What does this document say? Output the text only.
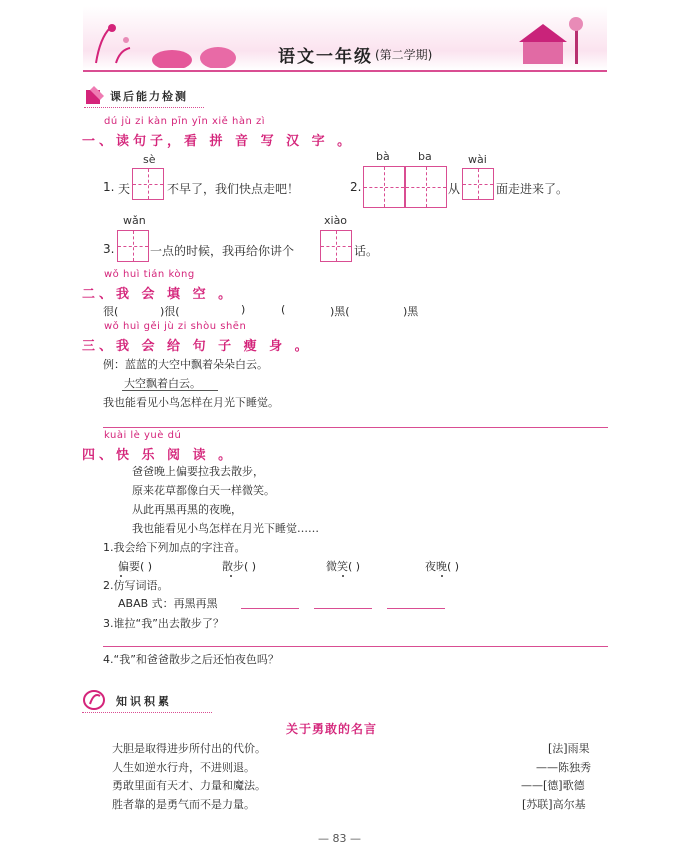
语文一年级 (第二学期)
课后能力检测
dú jù zi kàn pīn yīn xiě hàn zì
一、读句子，看 拼 音 写 汉 字 。
sè
1. 天	不早了，我们快点走吧！
bà	ba	wài
2.	从	面走进来了。
wǎn	xiào
3.	一点的时候，我再给你讲个	话。
wǒ huì tián kòng
二、我 会 填 空 。
很(	)很(	)	(	)黑(	)黑
wǒ huì gěi jù zi shòu shēn
三、我 会 给 句 子 瘦 身 。
例：蓝蓝的大空中飘着朵朵白云。
大空飘着白云。
我也能看见小鸟怎样在月光下睡觉。
kuài lè yuè dú
四、快 乐 阅 读 。
爸爸晚上偏要拉我去散步，
原来花草都像白天一样微笑。
从此再黑再黑的夜晚，
我也能看见小鸟怎样在月光下睡觉……
1.我会给下列加点的字注音。
偏要( )	散步( )	微笑( )	夜晚( )
2.仿写词语。
ABAB 式：再黑再黑
3.谁拉“我”出去散步了？
4.“我”和爸爸散步之后还怕夜色吗？
知识积累
关于勇敢的名言
大胆是取得进步所付出的代价。	[法]雨果
人生如逆水行舟，不进则退。	——陈独秀
勇敢里面有天才、力量和魔法。	——[德]歌德
胜者靠的是勇气而不是力量。	[苏联]高尔基
— 83 —
